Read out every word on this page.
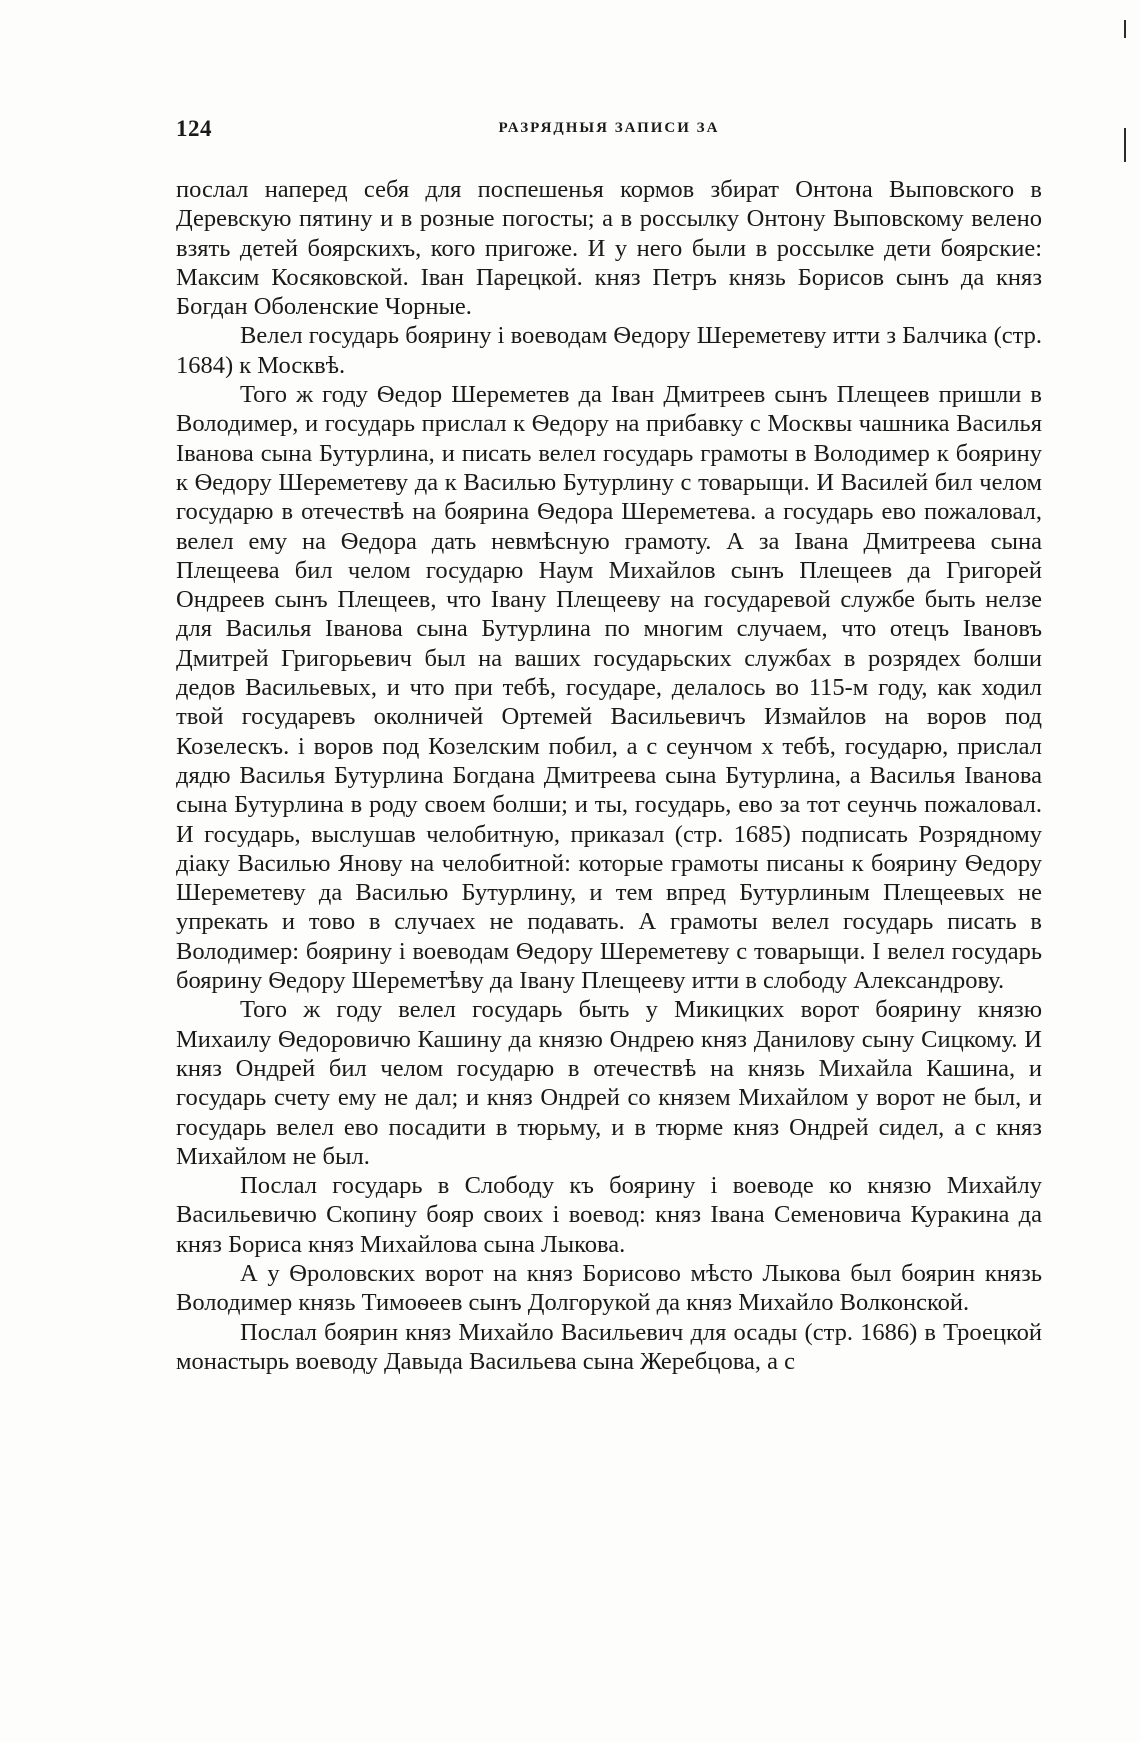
124	РАЗРЯДНЫЯ ЗАПИСИ ЗА

послал наперед себя для поспешенья кормов збират Онтона Выповского в Деревскую пятину и в розные погосты; а в россылку Онтону Выповскому велено взять детей боярскихъ, кого пригоже. И у него были в россылке дети боярские: Максим Косяковской. Іван Парецкой. княз Петръ князь Борисов сынъ да княз Богдан Оболенские Чорные.

Велел государь боярину і воеводам Ѳедору Шереметеву итти з Балчика (стр. 1684) к Москвѣ.

Того ж году Ѳедор Шереметев да Іван Дмитреев сынъ Плещеев пришли в Володимер, и государь прислал к Ѳедору на прибавку с Москвы чашника Василья Іванова сына Бутурлина, и писать велел государь грамоты в Володимер к боярину к Ѳедору Шереметеву да к Василью Бутурлину с товарыщи. И Василей бил челом государю в отечествѣ на боярина Ѳедора Шереметева. а государь ево пожаловал, велел ему на Ѳедора дать невмѣсную грамоту. А за Івана Дмитреева сына Плещеева бил челом государю Наум Михайлов сынъ Плещеев да Григорей Ондреев сынъ Плещеев, что Івану Плещееву на государевой службе быть нелзе для Василья Іванова сына Бутурлина по многим случаем, что отецъ Івановъ Дмитрей Григорьевич был на ваших государьских службах в розрядех болши дедов Васильевых, и что при тебѣ, государе, делалось во 115-м году, как ходил твой государевъ околничей Ортемей Васильевичъ Измайлов на воров под Козелескъ. і воров под Козелским побил, а с сеунчом х тебѣ, государю, прислал дядю Василья Бутурлина Богдана Дмитреева сына Бутурлина, а Василья Іванова сына Бутурлина в роду своем болши; и ты, государь, ево за тот сеунчь пожаловал. И государь, выслушав челобитную, приказал (стр. 1685) подписать Розрядному діаку Василью Янову на челобитной: которые грамоты писаны к боярину Ѳедору Шереметеву да Василью Бутурлину, и тем впред Бутурлиным Плещеевых не упрекать и тово в случаех не подавать. А грамоты велел государь писать в Володимер: боярину і воеводам Ѳедору Шереметеву с товарыщи. І велел государь боярину Ѳедору Шереметѣву да Івану Плещееву итти в слободу Александрову.

Того ж году велел государь быть у Микицких ворот боярину князю Михаилу Ѳедоровичю Кашину да князю Ондрею княз Данилову сыну Сицкому. И княз Ондрей бил челом государю в отечествѣ на князь Михайла Кашина, и государь счету ему не дал; и княз Ондрей со князем Михайлом у ворот не был, и государь велел ево посадити в тюрьму, и в тюрме княз Ондрей сидел, а с княз Михайлом не был.

Послал государь в Слободу къ боярину і воеводе ко князю Михайлу Васильевичю Скопину бояр своих і воевод: княз Івана Семеновича Куракина да княз Бориса княз Михайлова сына Лыкова.

А у Ѳроловских ворот на княз Борисово мѣсто Лыкова был боярин князь Володимер князь Тимоѳеев сынъ Долгорукой да княз Михайло Волконской.

Послал боярин княз Михайло Васильевич для осады (стр. 1686) в Троецкой монастырь воеводу Давыда Васильева сына Жеребцова, а с
